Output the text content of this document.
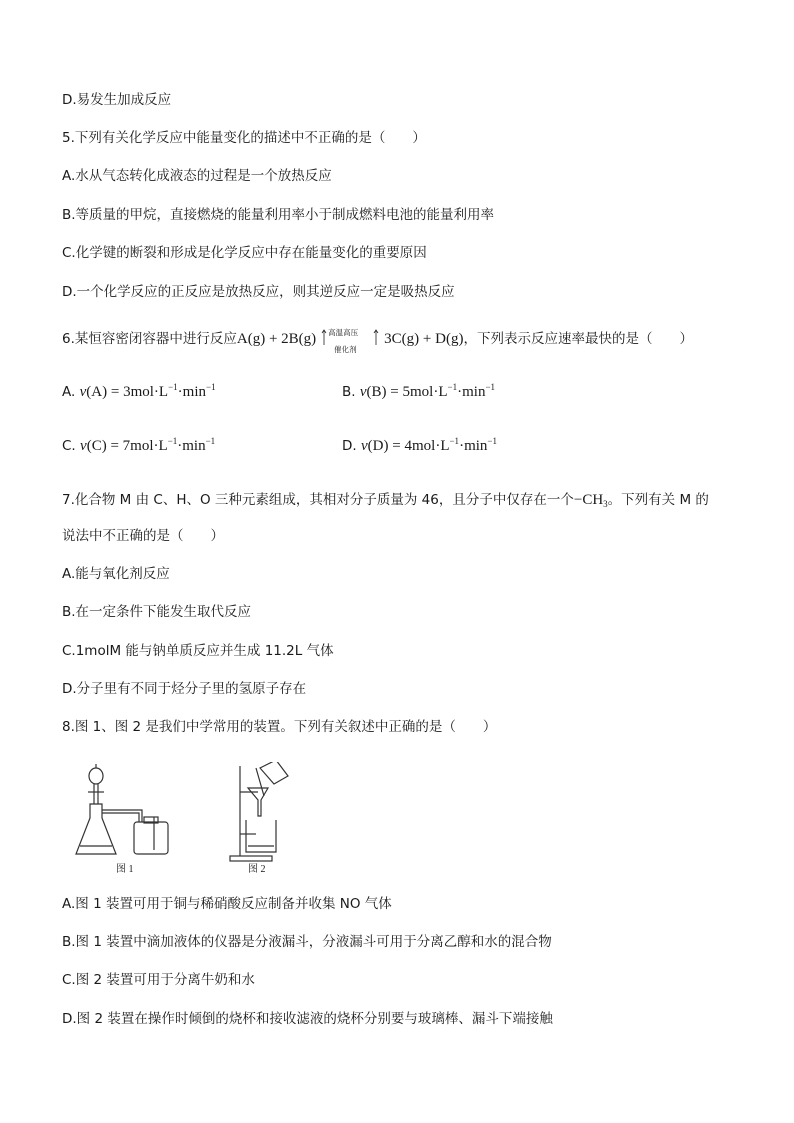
D.易发生加成反应
5.下列有关化学反应中能量变化的描述中不正确的是（　　）
A.水从气态转化成液态的过程是一个放热反应
B.等质量的甲烷，直接燃烧的能量利用率小于制成燃料电池的能量利用率
C.化学键的断裂和形成是化学反应中存在能量变化的重要原因
D.一个化学反应的正反应是放热反应，则其逆反应一定是吸热反应
6.某恒容密闭容器中进行反应A(g) + 2B(g) 高温高压
催化剂
3C(g) + D(g)，下列表示反应速率最快的是（　　）
A. $v(A) = 3mol\cdot L^{-1}\cdot\min^{-1}$	B. $v(B) = 5mol\cdot L^{-1}\cdot\min^{-1}$
C. $v(C) = 7mol\cdot L^{-1}\cdot\min^{-1}$	D. $v(D) = 4mol\cdot L^{-1}\cdot\min^{-1}$
7.化合物 M 由 C、H、O 三种元素组成，其相对分子质量为 46，且分子中仅存在一个$-CH_3$。下列有关 M 的
说法中不正确的是（　　）
A.能与氧化剂反应
B.在一定条件下能发生取代反应
C.1molM 能与钠单质反应并生成 11.2L 气体
D.分子里有不同于烃分子里的氢原子存在
8.图 1、图 2 是我们中学常用的装置。下列有关叙述中正确的是（　　）
图 1	图 2
A.图 1 装置可用于铜与稀硝酸反应制备并收集 NO 气体
B.图 1 装置中滴加液体的仪器是分液漏斗，分液漏斗可用于分离乙醇和水的混合物
C.图 2 装置可用于分离牛奶和水
D.图 2 装置在操作时倾倒的烧杯和接收滤液的烧杯分别要与玻璃棒、漏斗下端接触
